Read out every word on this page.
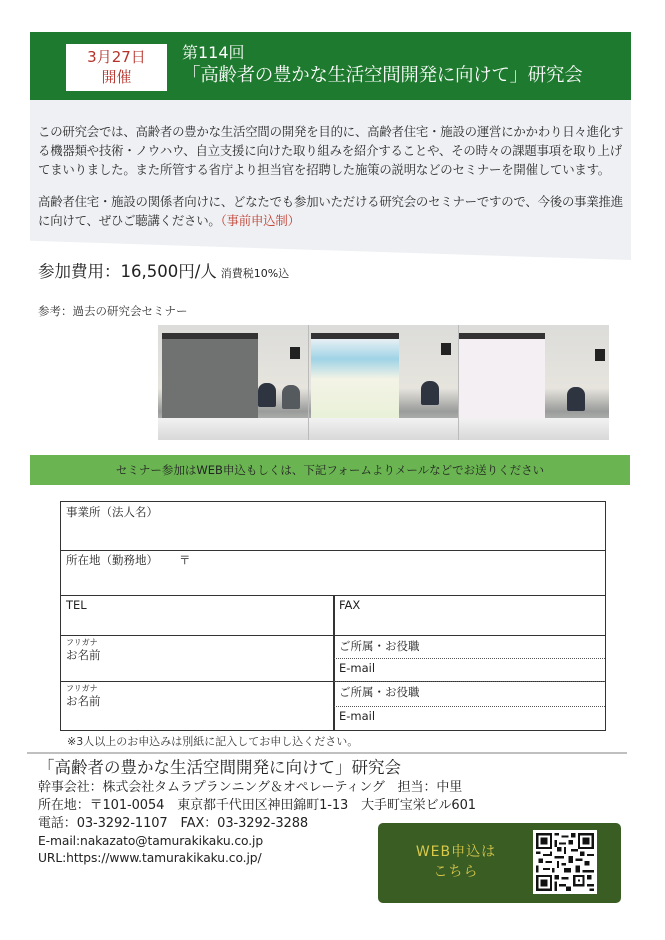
3月27日
開催
第114回
「高齢者の豊かな生活空間開発に向けて」研究会

この研究会では、高齢者の豊かな生活空間の開発を目的に、高齢者住宅・施設の運営にかかわり日々進化する機器類や技術・ノウハウ、自立支援に向けた取り組みを紹介することや、その時々の課題事項を取り上げてまいりました。また所管する省庁より担当官を招聘した施策の説明などのセミナーを開催しています。

高齢者住宅・施設の関係者向けに、どなたでも参加いただける研究会のセミナーですので、今後の事業推進に向けて、ぜひご聴講ください。（事前申込制）

参加費用：16,500円/人 消費税10%込
参考：過去の研究会セミナー
セミナー参加はWEB申込もしくは、下記フォームよりメールなどでお送りください
事業所（法人名）
所在地（勤務地） 〒
TEL	FAX
フリガナ
お名前
ご所属・お役職
E-mail
フリガナ
お名前
ご所属・お役職
E-mail
※3人以上のお申込みは別紙に記入してお申し込ください。
「高齢者の豊かな生活空間開発に向けて」研究会
幹事会社：株式会社タムラプランニング＆オペレーティング　担当：中里
所在地：〒101-0054　東京都千代田区神田錦町1-13　大手町宝栄ビル601
電話：03-3292-1107　FAX：03-3292-3288
E-mail:nakazato@tamurakikaku.co.jp
URL:https://www.tamurakikaku.co.jp/	WEB申込は
こちら
